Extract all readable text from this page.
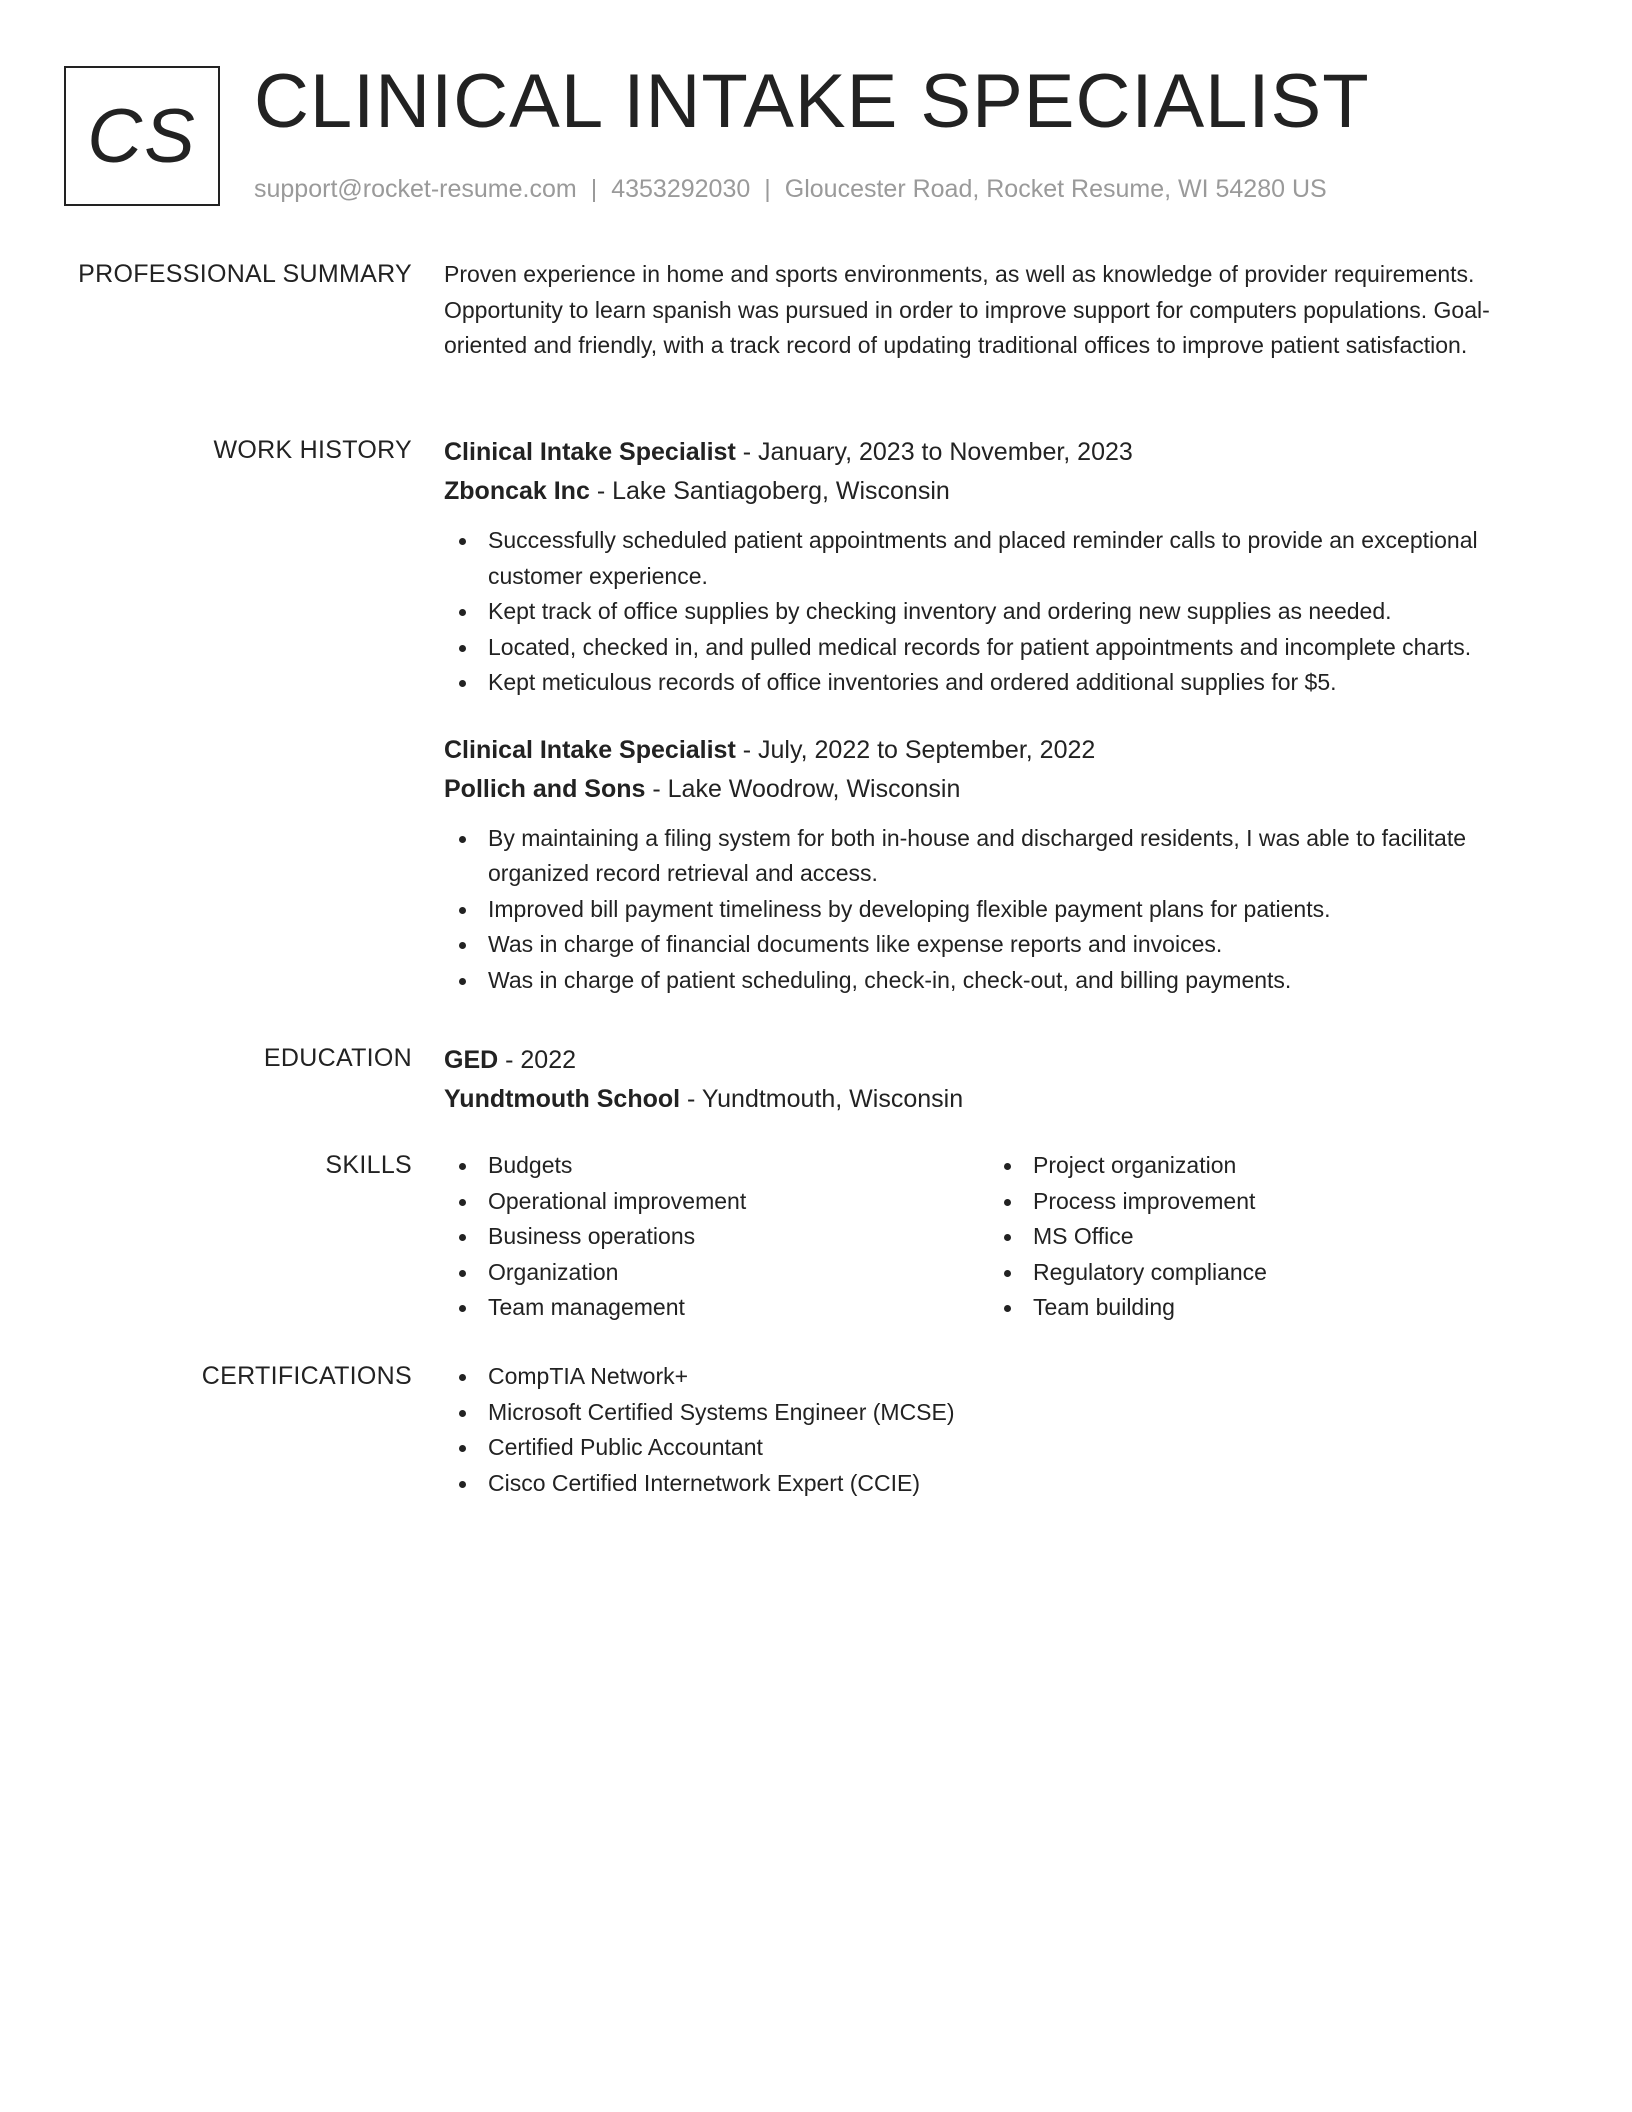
CS CLINICAL INTAKE SPECIALIST
support@rocket-resume.com | 4353292030 | Gloucester Road, Rocket Resume, WI 54280 US
PROFESSIONAL SUMMARY Proven experience in home and sports environments, as well as knowledge of provider requirements. Opportunity to learn spanish was pursued in order to improve support for computers populations. Goal-oriented and friendly, with a track record of updating traditional offices to improve patient satisfaction.

WORK HISTORY Clinical Intake Specialist - January, 2023 to November, 2023
Zboncak Inc - Lake Santiagoberg, Wisconsin
Successfully scheduled patient appointments and placed reminder calls to provide an exceptional customer experience.
Kept track of office supplies by checking inventory and ordering new supplies as needed.
Located, checked in, and pulled medical records for patient appointments and incomplete charts.
Kept meticulous records of office inventories and ordered additional supplies for $5.
Clinical Intake Specialist - July, 2022 to September, 2022
Pollich and Sons - Lake Woodrow, Wisconsin
By maintaining a filing system for both in-house and discharged residents, I was able to facilitate organized record retrieval and access.
Improved bill payment timeliness by developing flexible payment plans for patients.
Was in charge of financial documents like expense reports and invoices.
Was in charge of patient scheduling, check-in, check-out, and billing payments.
EDUCATION GED - 2022
Yundtmouth School - Yundtmouth, Wisconsin
SKILLS	Budgets
Operational improvement
Business operations
Organization
Team management
Project organization
Process improvement
MS Office
Regulatory compliance
Team building
CERTIFICATIONS	CompTIA Network+
Microsoft Certified Systems Engineer (MCSE)
Certified Public Accountant
Cisco Certified Internetwork Expert (CCIE)
